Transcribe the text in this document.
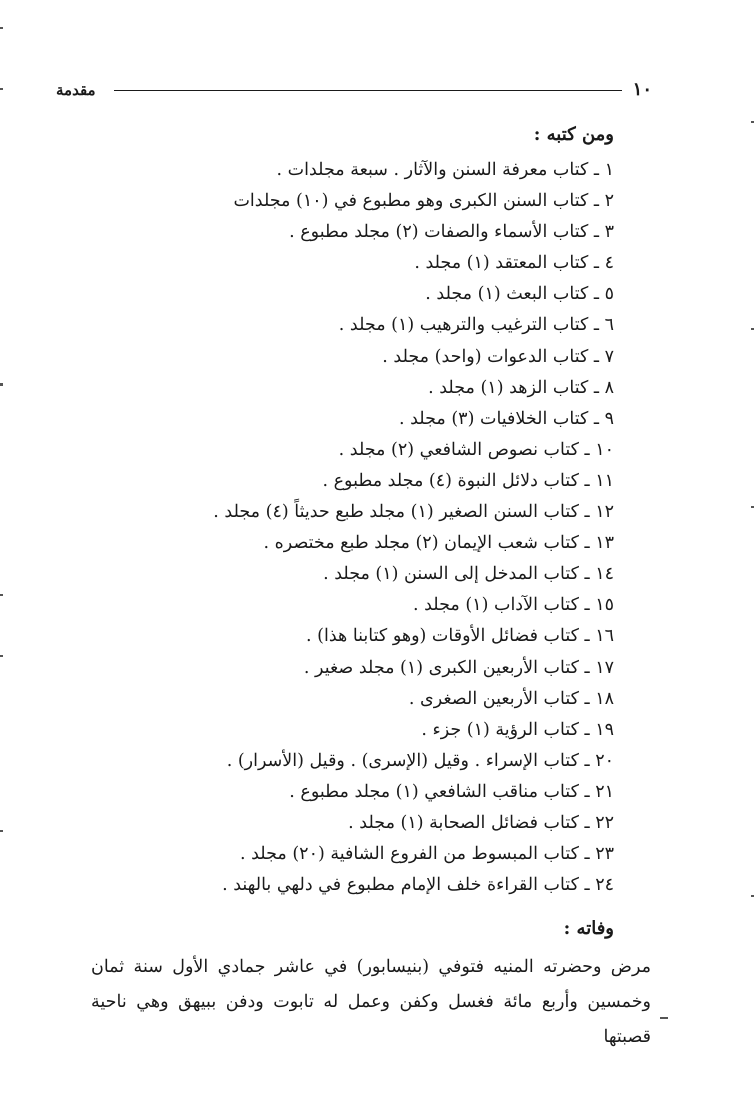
١٠
مقدمة
ومن كتبه :
١ ـ كتاب معرفة السنن والآثار . سبعة مجلدات .
٢ ـ كتاب السنن الكبرى وهو مطبوع في (١٠) مجلدات
٣ ـ كتاب الأسماء والصفات (٢) مجلد مطبوع .
٤ ـ كتاب المعتقد (١) مجلد .
٥ ـ كتاب البعث (١) مجلد .
٦ ـ كتاب الترغيب والترهيب (١) مجلد .
٧ ـ كتاب الدعوات (واحد) مجلد .
٨ ـ كتاب الزهد (١) مجلد .
٩ ـ كتاب الخلافيات (٣) مجلد .
١٠ ـ كتاب نصوص الشافعي (٢) مجلد .
١١ ـ كتاب دلائل النبوة (٤) مجلد مطبوع .
١٢ ـ كتاب السنن الصغير (١) مجلد طبع حديثاً (٤) مجلد .
١٣ ـ كتاب شعب الإيمان (٢) مجلد طبع مختصره .
١٤ ـ كتاب المدخل إلى السنن (١) مجلد .
١٥ ـ كتاب الآداب (١) مجلد .
١٦ ـ كتاب فضائل الأوقات (وهو كتابنا هذا) .
١٧ ـ كتاب الأربعين الكبرى (١) مجلد صغير .
١٨ ـ كتاب الأربعين الصغرى .
١٩ ـ كتاب الرؤية (١) جزء .
٢٠ ـ كتاب الإسراء . وقيل (الإسرى) . وقيل (الأسرار) .
٢١ ـ كتاب مناقب الشافعي (١) مجلد مطبوع .
٢٢ ـ كتاب فضائل الصحابة (١) مجلد .
٢٣ ـ كتاب المبسوط من الفروع الشافية (٢٠) مجلد .
٢٤ ـ كتاب القراءة خلف الإمام مطبوع في دلهي بالهند .
وفاته :

مرض وحضرته المنيه فتوفي (بنيسابور) في عاشر جمادي الأول سنة ثمان وخمسين وأربع مائة فغسل وكفن وعمل له تابوت ودفن ببيهق وهي ناحية قصبتها
